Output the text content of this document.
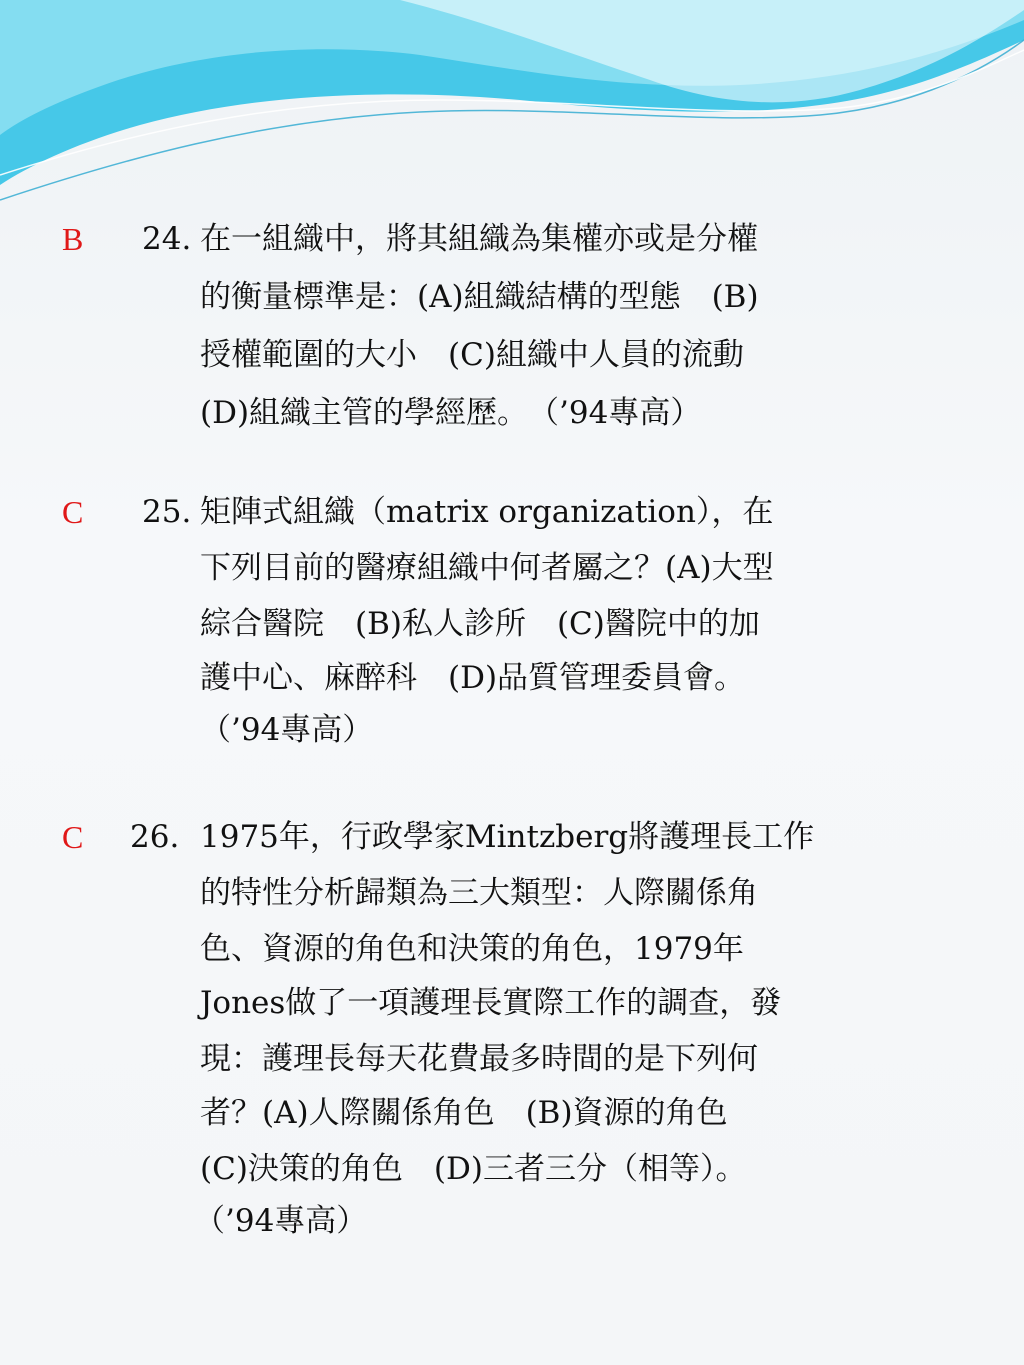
B 24. 在一組織中，將其組織為集權亦或是分權
的衡量標準是：(A)組織結構的型態　(B)
授權範圍的大小　(C)組織中人員的流動
(D)組織主管的學經歷。　（’94專高）
C 25. 矩陣式組織（matrix organization），在
下列目前的醫療組織中何者屬之？(A)大型
綜合醫院　(B)私人診所　(C)醫院中的加
護中心、麻醉科　(D)品質管理委員會。
（’94專高）
C 26. 1975年，行政學家Mintzberg將護理長工作
的特性分析歸類為三大類型：人際關係角
色、資源的角色和決策的角色，1979年
Jones做了一項護理長實際工作的調查，發
現：護理長每天花費最多時間的是下列何
者？(A)人際關係角色　(B)資源的角色
(C)決策的角色　(D)三者三分（相等）。
（’94專高）
